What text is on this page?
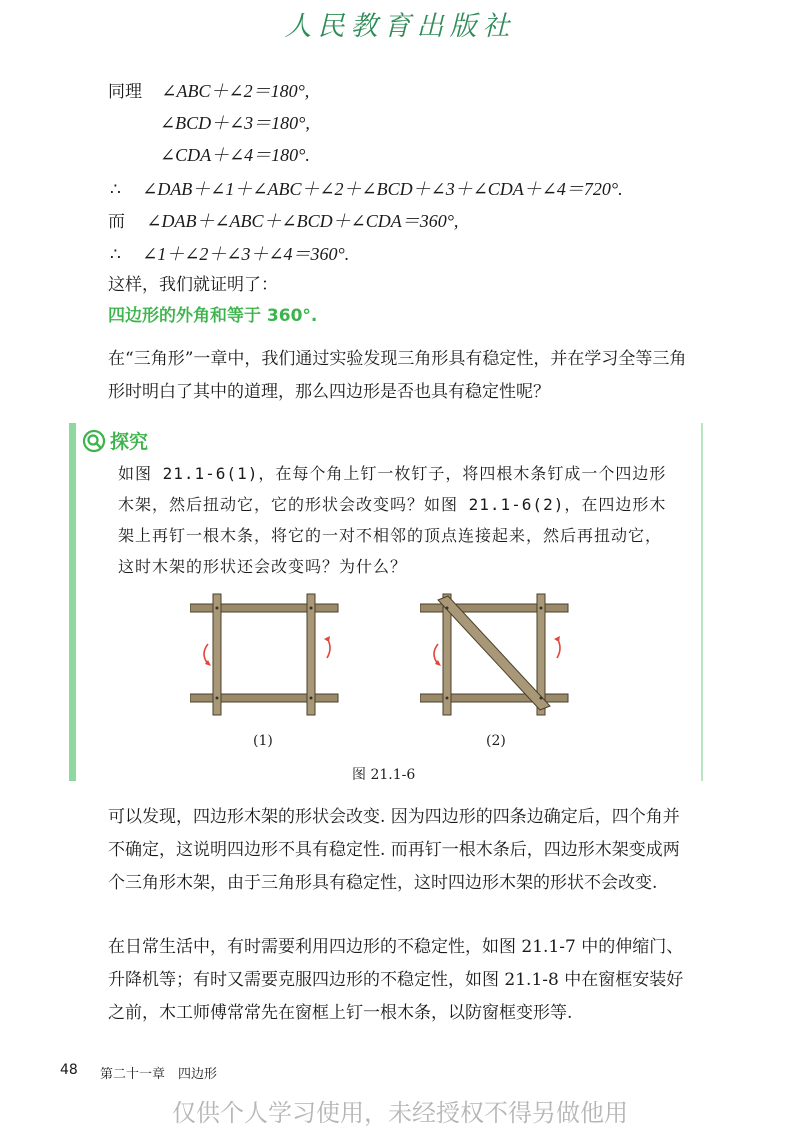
人民教育出版社
同理 ∠ABC＋∠2＝180°,
∠BCD＋∠3＝180°,
∠CDA＋∠4＝180°.
∴ ∠DAB＋∠1＋∠ABC＋∠2＋∠BCD＋∠3＋∠CDA＋∠4＝720°.
而 ∠DAB＋∠ABC＋∠BCD＋∠CDA＝360°,
∴ ∠1＋∠2＋∠3＋∠4＝360°.
这样，我们就证明了：
四边形的外角和等于 360°.
在“三角形”一章中，我们通过实验发现三角形具有稳定性，并在学习全等三角形时明白了其中的道理，那么四边形是否也具有稳定性呢？
探究
如图 21.1-6(1)，在每个角上钉一枚钉子，将四根木条钉成一个四边形木架，然后扭动它，它的形状会改变吗？如图 21.1-6(2)，在四边形木架上再钉一根木条，将它的一对不相邻的顶点连接起来，然后再扭动它，这时木架的形状还会改变吗？为什么？
(1)	(2)
图 21.1-6
可以发现，四边形木架的形状会改变. 因为四边形的四条边确定后，四个角并不确定，这说明四边形不具有稳定性. 而再钉一根木条后，四边形木架变成两个三角形木架，由于三角形具有稳定性，这时四边形木架的形状不会改变.
在日常生活中，有时需要利用四边形的不稳定性，如图 21.1-7 中的伸缩门、升降机等；有时又需要克服四边形的不稳定性，如图 21.1-8 中在窗框安装好之前，木工师傅常常先在窗框上钉一根木条，以防窗框变形等.
48 第二十一章　四边形
仅供个人学习使用，未经授权不得另做他用
